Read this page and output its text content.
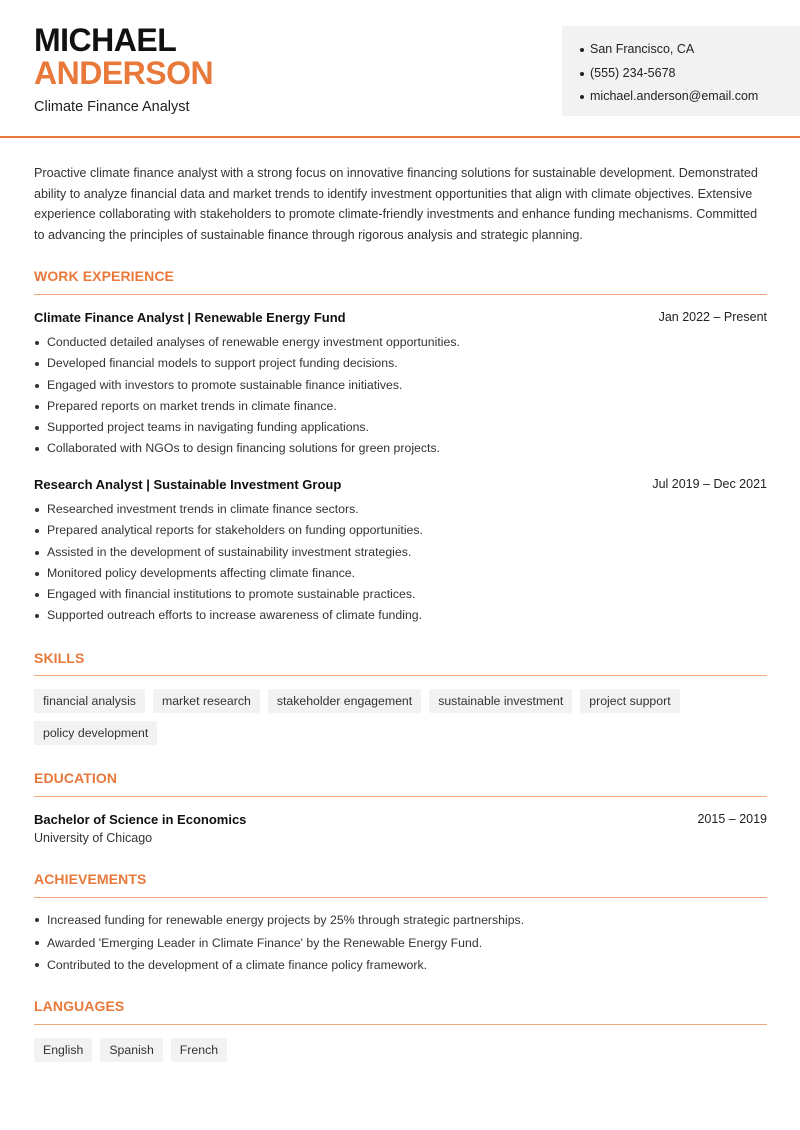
MICHAEL
ANDERSON
Climate Finance Analyst
San Francisco, CA
(555) 234-5678
michael.anderson@email.com

Proactive climate finance analyst with a strong focus on innovative financing solutions for sustainable development. Demonstrated ability to analyze financial data and market trends to identify investment opportunities that align with climate objectives. Extensive experience collaborating with stakeholders to promote climate-friendly investments and enhance funding mechanisms. Committed to advancing the principles of sustainable finance through rigorous analysis and strategic planning.

WORK EXPERIENCE
Climate Finance Analyst | Renewable Energy Fund	Jan 2022 – Present
Conducted detailed analyses of renewable energy investment opportunities.
Developed financial models to support project funding decisions.
Engaged with investors to promote sustainable finance initiatives.
Prepared reports on market trends in climate finance.
Supported project teams in navigating funding applications.
Collaborated with NGOs to design financing solutions for green projects.
Research Analyst | Sustainable Investment Group	Jul 2019 – Dec 2021
Researched investment trends in climate finance sectors.
Prepared analytical reports for stakeholders on funding opportunities.
Assisted in the development of sustainability investment strategies.
Monitored policy developments affecting climate finance.
Engaged with financial institutions to promote sustainable practices.
Supported outreach efforts to increase awareness of climate funding.
SKILLS
financial analysis	market research	stakeholder engagement	sustainable investment	project support
policy development
EDUCATION
Bachelor of Science in Economics	2015 – 2019
University of Chicago
ACHIEVEMENTS
Increased funding for renewable energy projects by 25% through strategic partnerships.
Awarded 'Emerging Leader in Climate Finance' by the Renewable Energy Fund.
Contributed to the development of a climate finance policy framework.
LANGUAGES
English	Spanish	French
